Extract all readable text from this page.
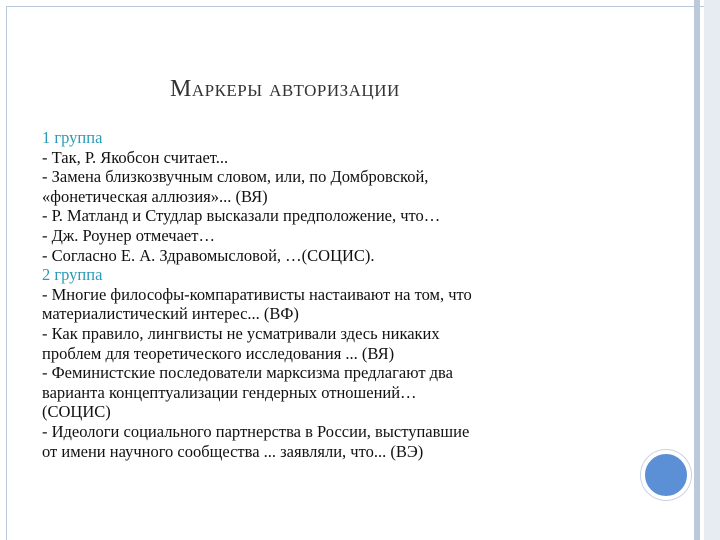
Маркеры авторизации
1 группа
- Так, Р. Якобсон считает...
- Замена близкозвучным словом, или, по Домбровской,
«фонетическая аллюзия»... (ВЯ)
- Р. Матланд и Студлар высказали предположение, что…
- Дж. Роунер отмечает…
- Согласно Е. А. Здравомысловой, …(СОЦИС).
2 группа
- Многие философы-компаративисты настаивают на том, что
материалистический интерес... (ВФ)
- Как правило, лингвисты не усматривали здесь никаких
проблем для теоретического исследования ... (ВЯ)
- Феминистские последователи марксизма предлагают два
варианта концептуализации гендерных отношений…
(СОЦИС)
- Идеологи социального партнерства в России, выступавшие
от имени научного сообщества ... заявляли, что... (ВЭ)
